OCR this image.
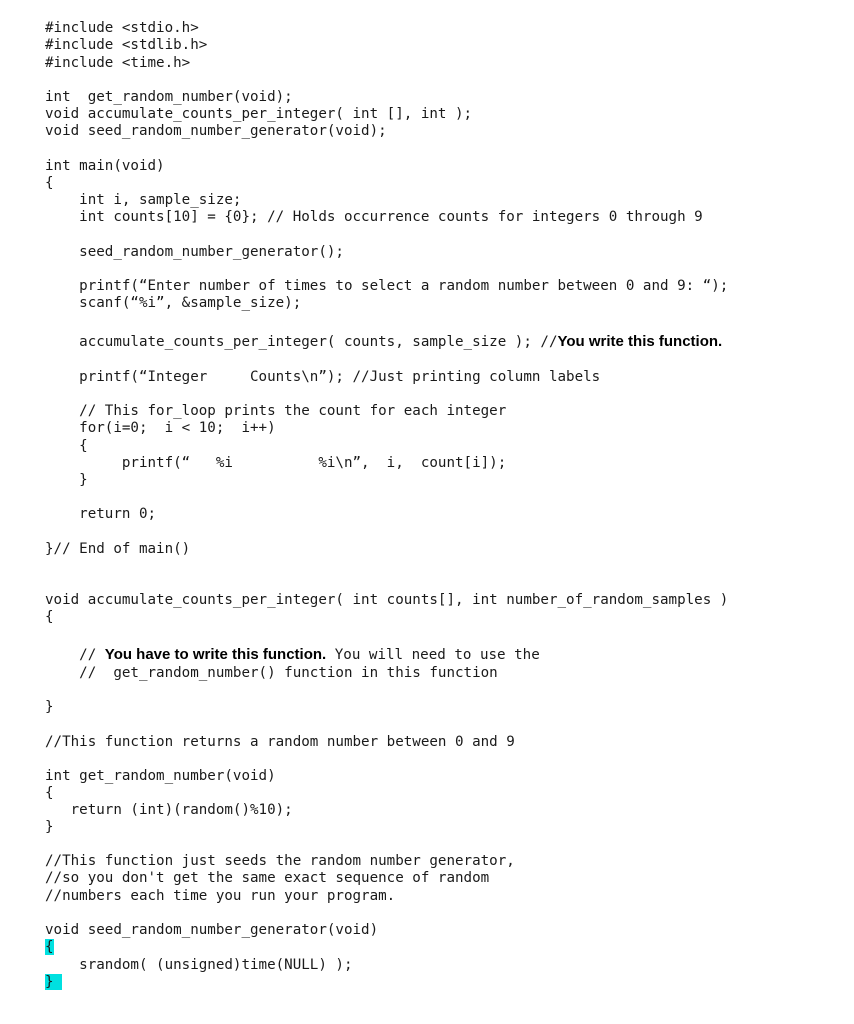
#include <stdio.h>
#include <stdlib.h>
#include <time.h>
int  get_random_number(void);
void accumulate_counts_per_integer( int [], int );
void seed_random_number_generator(void);
int main(void)
{
int i, sample_size;
int counts[10] = {0}; // Holds occurrence counts for integers 0 through 9
seed_random_number_generator();
printf(“Enter number of times to select a random number between 0 and 9: “);
scanf(“%i”, &sample_size);
accumulate_counts_per_integer( counts, sample_size ); //You write this function.
printf(“Integer     Counts\n”); //Just printing column labels
// This for_loop prints the count for each integer
for(i=0;  i < 10;  i++)
{
printf(“   %i          %i\n”,  i,  count[i]);
}
return 0;
}// End of main()
void accumulate_counts_per_integer( int counts[], int number_of_random_samples )
{
// You have to write this function. You will need to use the
//  get_random_number() function in this function
}
//This function returns a random number between 0 and 9
int get_random_number(void)
{
return (int)(random()%10);
}
//This function just seeds the random number generator,
//so you don't get the same exact sequence of random
//numbers each time you run your program.
void seed_random_number_generator(void)
{
srandom( (unsigned)time(NULL) );
}
